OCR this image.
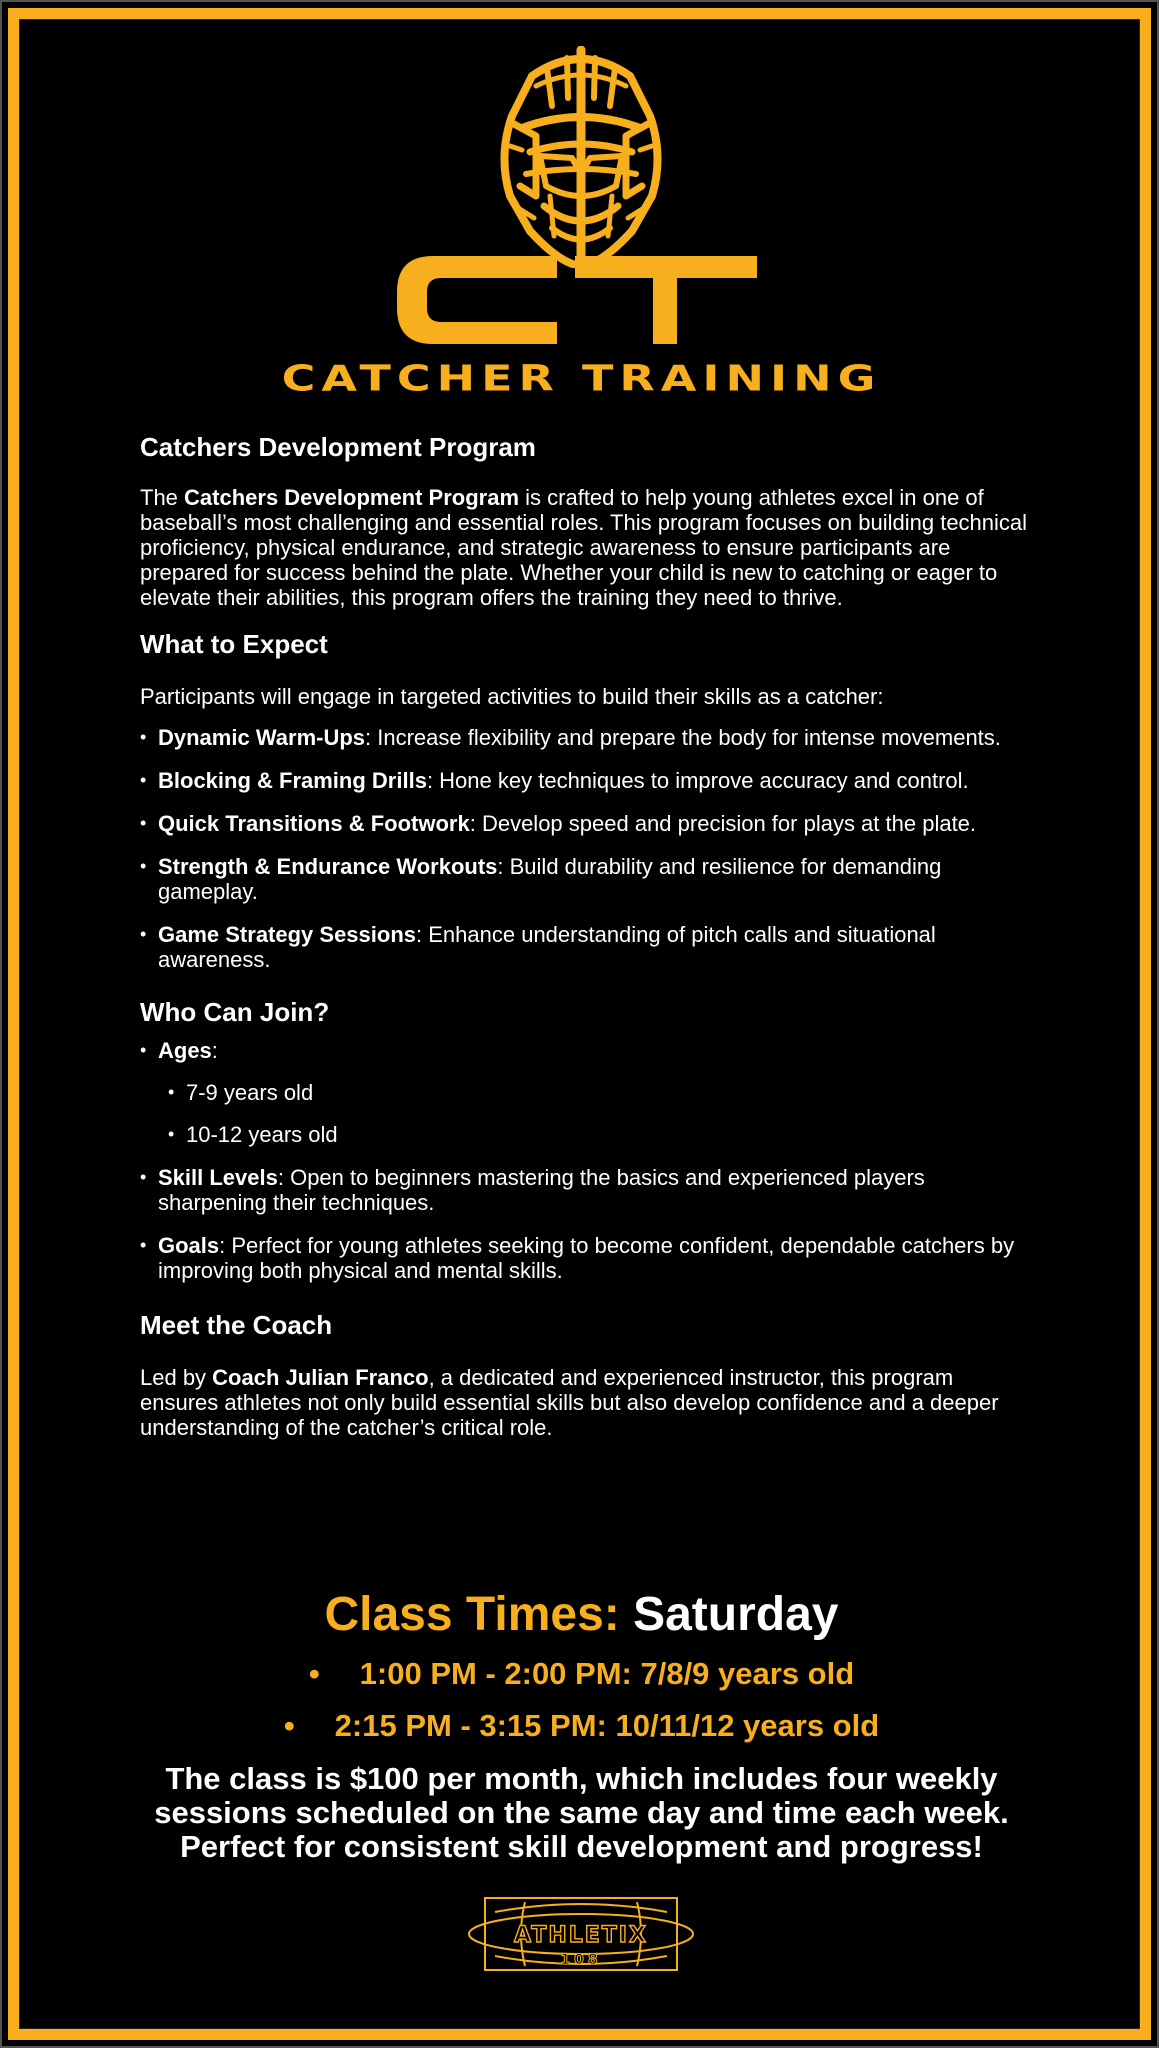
CATCHER TRAINING
Catchers Development Program

The Catchers Development Program is crafted to help young athletes excel in one of baseball’s most challenging and essential roles. This program focuses on building technical proficiency, physical endurance, and strategic awareness to ensure participants are prepared for success behind the plate. Whether your child is new to catching or eager to elevate their abilities, this program offers the training they need to thrive.

What to Expect

Participants will engage in targeted activities to build their skills as a catcher:

• Dynamic Warm-Ups: Increase flexibility and prepare the body for intense movements.
• Blocking & Framing Drills: Hone key techniques to improve accuracy and control.
• Quick Transitions & Footwork: Develop speed and precision for plays at the plate.
• Strength & Endurance Workouts: Build durability and resilience for demanding gameplay.
• Game Strategy Sessions: Enhance understanding of pitch calls and situational awareness.
Who Can Join?
• Ages:
• 7-9 years old
• 10-12 years old
• Skill Levels: Open to beginners mastering the basics and experienced players sharpening their techniques.
• Goals: Perfect for young athletes seeking to become confident, dependable catchers by improving both physical and mental skills.
Meet the Coach

Led by Coach Julian Franco, a dedicated and experienced instructor, this program ensures athletes not only build essential skills but also develop confidence and a deeper understanding of the catcher’s critical role.

Class Times: Saturday
• 1:00 PM - 2:00 PM: 7/8/9 years old
• 2:15 PM - 3:15 PM: 10/11/12 years old
The class is $100 per month, which includes four weekly
sessions scheduled on the same day and time each week.
Perfect for consistent skill development and progress!
ATHLETIX
108
